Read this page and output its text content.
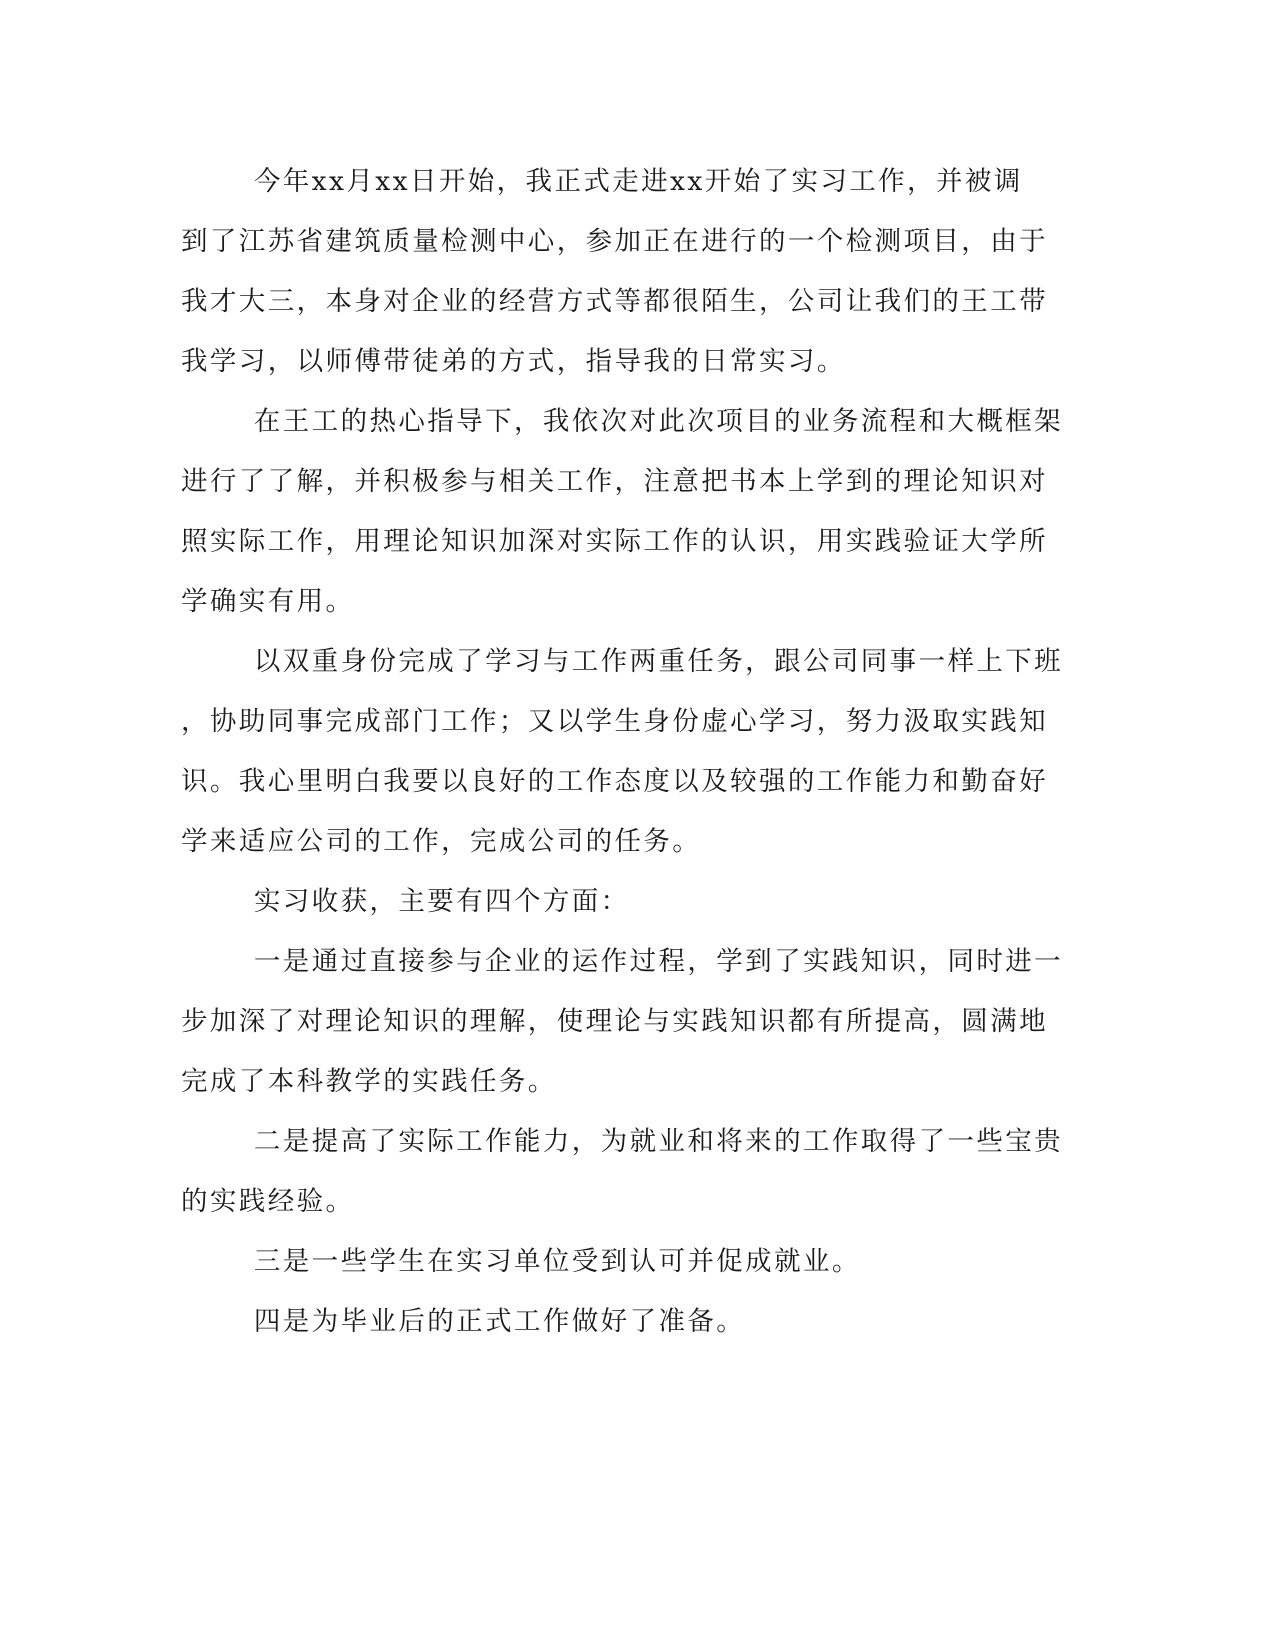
今年xx月xx日开始，我正式走进xx开始了实习工作，并被调
到了江苏省建筑质量检测中心，参加正在进行的一个检测项目，由于
我才大三，本身对企业的经营方式等都很陌生，公司让我们的王工带
我学习，以师傅带徒弟的方式，指导我的日常实习。

在王工的热心指导下，我依次对此次项目的业务流程和大概框架
进行了了解，并积极参与相关工作，注意把书本上学到的理论知识对
照实际工作，用理论知识加深对实际工作的认识，用实践验证大学所
学确实有用。

以双重身份完成了学习与工作两重任务，跟公司同事一样上下班
，协助同事完成部门工作；又以学生身份虚心学习，努力汲取实践知
识。我心里明白我要以良好的工作态度以及较强的工作能力和勤奋好
学来适应公司的工作，完成公司的任务。

实习收获，主要有四个方面：

一是通过直接参与企业的运作过程，学到了实践知识，同时进一
步加深了对理论知识的理解，使理论与实践知识都有所提高，圆满地
完成了本科教学的实践任务。

二是提高了实际工作能力，为就业和将来的工作取得了一些宝贵
的实践经验。

三是一些学生在实习单位受到认可并促成就业。

四是为毕业后的正式工作做好了准备。
